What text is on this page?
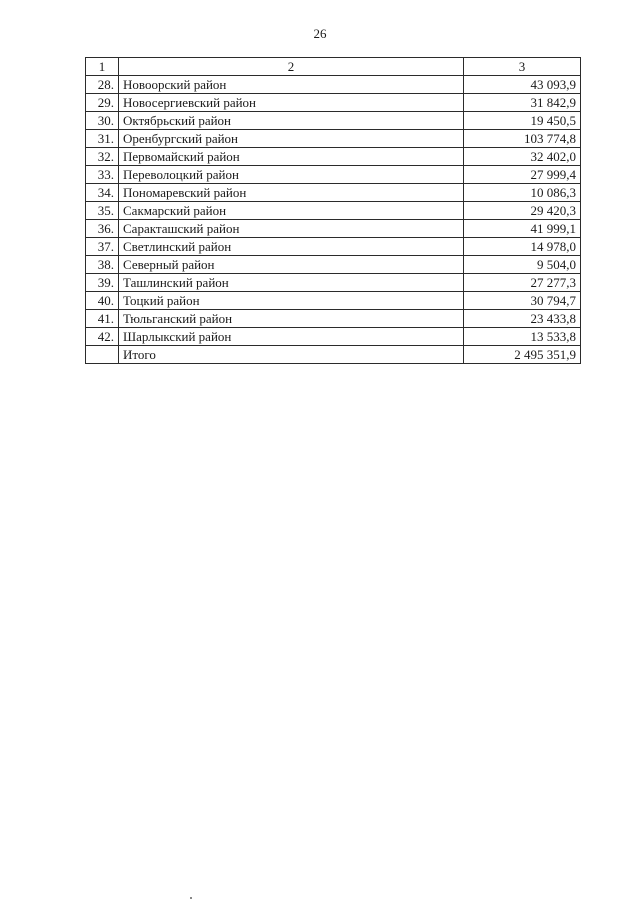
26
1	2	3
28.	Новоорский район	43 093,9
29.	Новосергиевский район	31 842,9
30.	Октябрьский район	19 450,5
31.	Оренбургский район	103 774,8
32.	Первомайский район	32 402,0
33.	Переволоцкий район	27 999,4
34.	Пономаревский район	10 086,3
35.	Сакмарский район	29 420,3
36.	Саракташский район	41 999,1
37.	Светлинский район	14 978,0
38.	Северный район	9 504,0
39.	Ташлинский район	27 277,3
40.	Тоцкий район	30 794,7
41.	Тюльганский район	23 433,8
42.	Шарлыкский район	13 533,8
	Итого	2 495 351,9
